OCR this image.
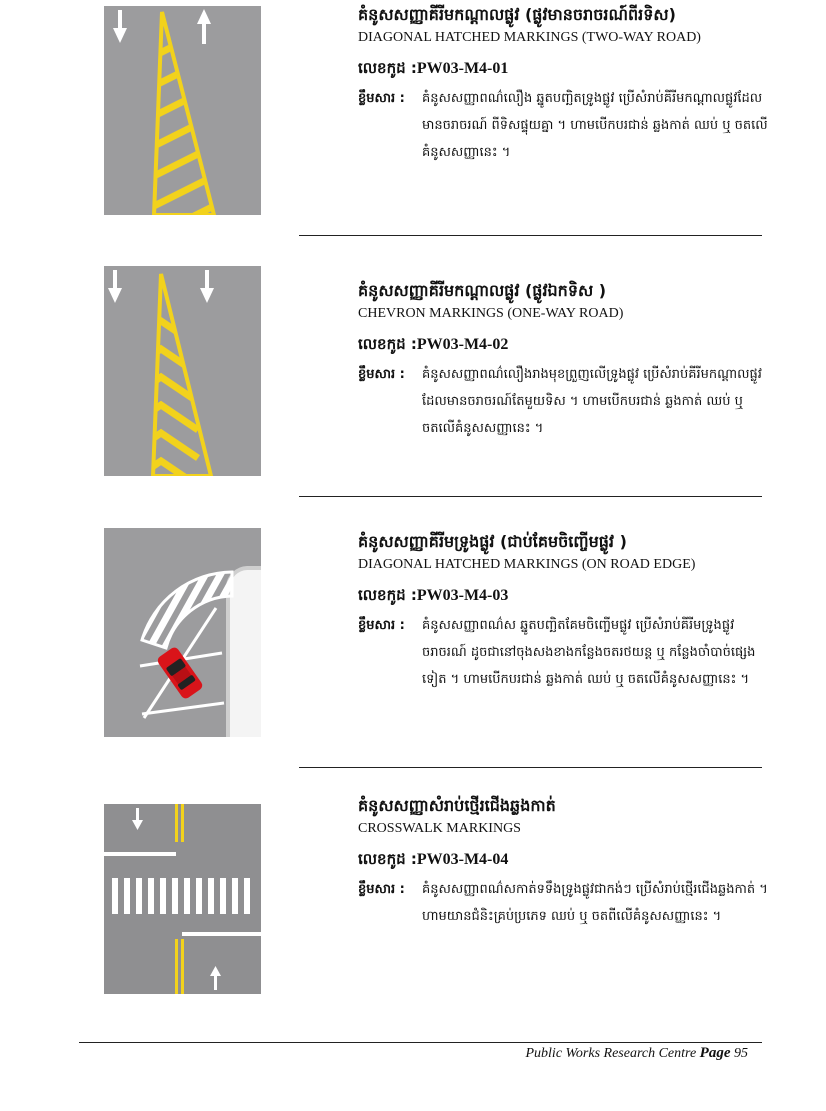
គំនូសសញ្ញាគីរីមកណ្តាលផ្លូវ (ផ្លូវមានចរាចរណ៍ពីរទិស)
DIAGONAL HATCHED MARKINGS (TWO-WAY ROAD)
លេខកូដ :PW03-M4-01
ខ្លឹមសារ :	គំនូសសញ្ញាពណ៌លឿង ឆ្នូតបញ្ឆិតទ្រូងផ្លូវ ប្រើសំរាប់គីរីមកណ្តាលផ្លូវដែលមានចរាចរណ៍ ពីទិសផ្ទុយគ្នា ។ ហាមបើកបរជាន់ ឆ្លងកាត់ ឈប់ ឬ ចតលើគំនូសសញ្ញានេះ ។
គំនូសសញ្ញាគីរីមកណ្តាលផ្លូវ (ផ្លូវឯកទិស )
CHEVRON MARKINGS (ONE-WAY ROAD)
លេខកូដ :PW03-M4-02
ខ្លឹមសារ :	គំនូសសញ្ញាពណ៌លឿងរាងមុខព្រួញលើទ្រូងផ្លូវ ប្រើសំរាប់គីរីមកណ្តាលផ្លូវដែលមានចរាចរណ៍តែមួយទិស ។ ហាមបើកបរជាន់ ឆ្លងកាត់ ឈប់ ឬ ចតលើគំនូសសញ្ញានេះ ។
គំនូសសញ្ញាគីរីមទ្រូងផ្លូវ (ជាប់គែមចិញ្ចើមផ្លូវ )
DIAGONAL HATCHED MARKINGS (ON ROAD EDGE)
លេខកូដ :PW03-M4-03
ខ្លឹមសារ :	គំនូសសញ្ញាពណ៌ស ឆ្នូតបញ្ឆិតគែមចិញ្ចើមផ្លូវ ប្រើសំរាប់គីរីមទ្រូងផ្លូវចរាចរណ៍ ដូចជានៅចុងសងខាងកន្លែងចតរថយន្ត ឬ កន្លែងចាំបាច់ផ្សេងទៀត ។ ហាមបើកបរជាន់ ឆ្លងកាត់ ឈប់ ឬ ចតលើគំនូសសញ្ញានេះ ។
គំនូសសញ្ញាសំរាប់ថ្មើរជើងឆ្លងកាត់
CROSSWALK MARKINGS
លេខកូដ :PW03-M4-04
ខ្លឹមសារ :	គំនូសសញ្ញាពណ៌សកាត់ទទឹងទ្រូងផ្លូវជាកង់ៗ ប្រើសំរាប់ថ្មើរជើងឆ្លងកាត់ ។ ហាមយានជំនិះគ្រប់ប្រភេទ ឈប់ ឬ ចតពីលើគំនូសសញ្ញានេះ ។
Public Works Research Centre Page 95
